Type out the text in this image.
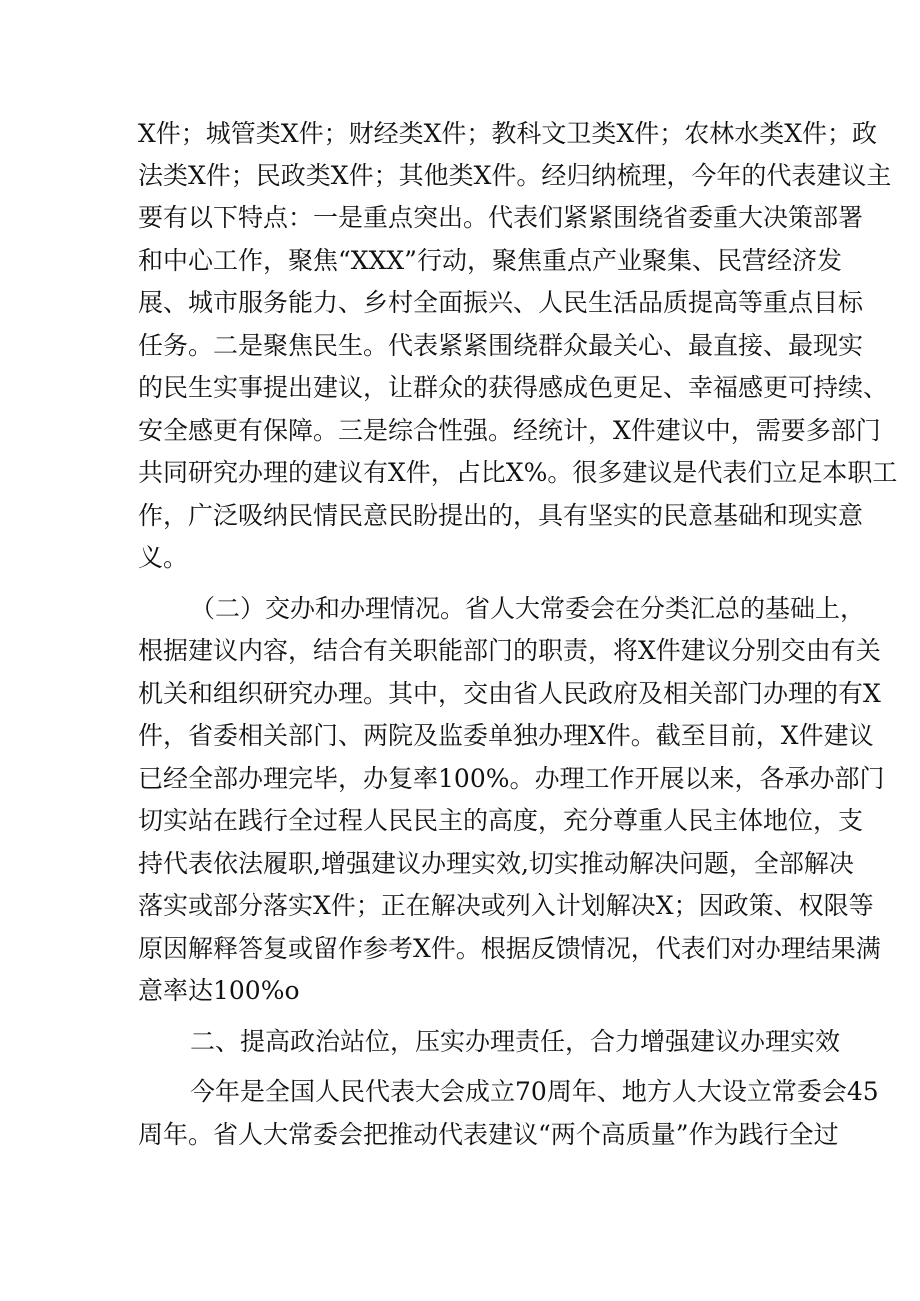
X件；城管类X件；财经类X件；教科文卫类X件；农林水类X件；政
法类X件；民政类X件；其他类X件。经归纳梳理，今年的代表建议主
要有以下特点：一是重点突出。代表们紧紧围绕省委重大决策部署
和中心工作，聚焦“XXX”行动，聚焦重点产业聚集、民营经济发
展、城市服务能力、乡村全面振兴、人民生活品质提高等重点目标
任务。二是聚焦民生。代表紧紧围绕群众最关心、最直接、最现实
的民生实事提出建议，让群众的获得感成色更足、幸福感更可持续、
安全感更有保障。三是综合性强。经统计，X件建议中，需要多部门
共同研究办理的建议有X件，占比X%。很多建议是代表们立足本职工
作，广泛吸纳民情民意民盼提出的，具有坚实的民意基础和现实意
义。
（二）交办和办理情况。省人大常委会在分类汇总的基础上，
根据建议内容，结合有关职能部门的职责，将X件建议分别交由有关
机关和组织研究办理。其中，交由省人民政府及相关部门办理的有X
件，省委相关部门、两院及监委单独办理X件。截至目前，X件建议
已经全部办理完毕，办复率100%。办理工作开展以来，各承办部门
切实站在践行全过程人民民主的高度，充分尊重人民主体地位，支
持代表依法履职,增强建议办理实效,切实推动解决问题，全部解决
落实或部分落实X件；正在解决或列入计划解决X；因政策、权限等
原因解释答复或留作参考X件。根据反馈情况，代表们对办理结果满
意率达100%o
二、提高政治站位，压实办理责任，合力增强建议办理实效
今年是全国人民代表大会成立70周年、地方人大设立常委会45
周年。省人大常委会把推动代表建议“两个高质量”作为践行全过
